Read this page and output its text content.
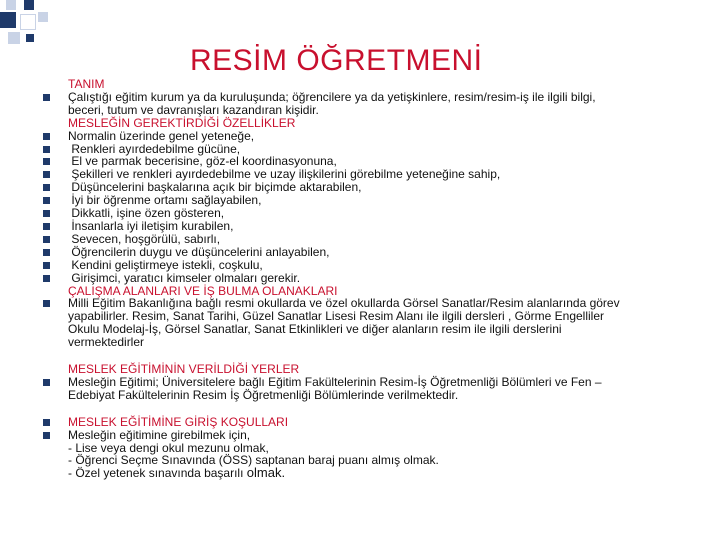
RESİM ÖĞRETMENİ
TANIM
Çalıştığı eğitim kurum ya da kuruluşunda; öğrencilere ya da yetişkinlere, resim/resim-iş ile ilgili bilgi,
beceri, tutum ve davranışları kazandıran kişidir.
MESLEĞİN GEREKTİRDİĞİ ÖZELLİKLER
Normalin üzerinde genel yeteneğe,
Renkleri ayırdedebilme gücüne,
El ve parmak becerisine, göz-el koordinasyonuna,
Şekilleri ve renkleri ayırdedebilme ve uzay ilişkilerini görebilme yeteneğine sahip,
Düşüncelerini başkalarına açık bir biçimde aktarabilen,
İyi bir öğrenme ortamı sağlayabilen,
Dikkatli, işine özen gösteren,
İnsanlarla iyi iletişim kurabilen,
Sevecen, hoşgörülü, sabırlı,
Öğrencilerin duygu ve düşüncelerini anlayabilen,
Kendini geliştirmeye istekli, coşkulu,
Girişimci, yaratıcı kimseler olmaları gerekir.
ÇALIŞMA ALANLARI VE İŞ BULMA OLANAKLARI
Milli Eğitim Bakanlığına bağlı resmi okullarda ve özel okullarda Görsel Sanatlar/Resim alanlarında görev
yapabilirler. Resim, Sanat Tarihi, Güzel Sanatlar Lisesi Resim Alanı ile ilgili dersleri , Görme Engelliler
Okulu Modelaj-İş, Görsel Sanatlar, Sanat Etkinlikleri ve diğer alanların resim ile ilgili derslerini
vermektedirler
MESLEK EĞİTİMİNİN VERİLDİĞİ YERLER
Mesleğin Eğitimi; Üniversitelere bağlı Eğitim Fakültelerinin Resim-İş Öğretmenliği Bölümleri ve Fen –
Edebiyat Fakültelerinin Resim İş Öğretmenliği Bölümlerinde verilmektedir.
MESLEK EĞİTİMİNE GİRİŞ KOŞULLARI
Mesleğin eğitimine girebilmek için,
- Lise veya dengi okul mezunu olmak,
- Öğrenci Seçme Sınavında (ÖSS) saptanan baraj puanı almış olmak.
- Özel yetenek sınavında başarılı olmak.
